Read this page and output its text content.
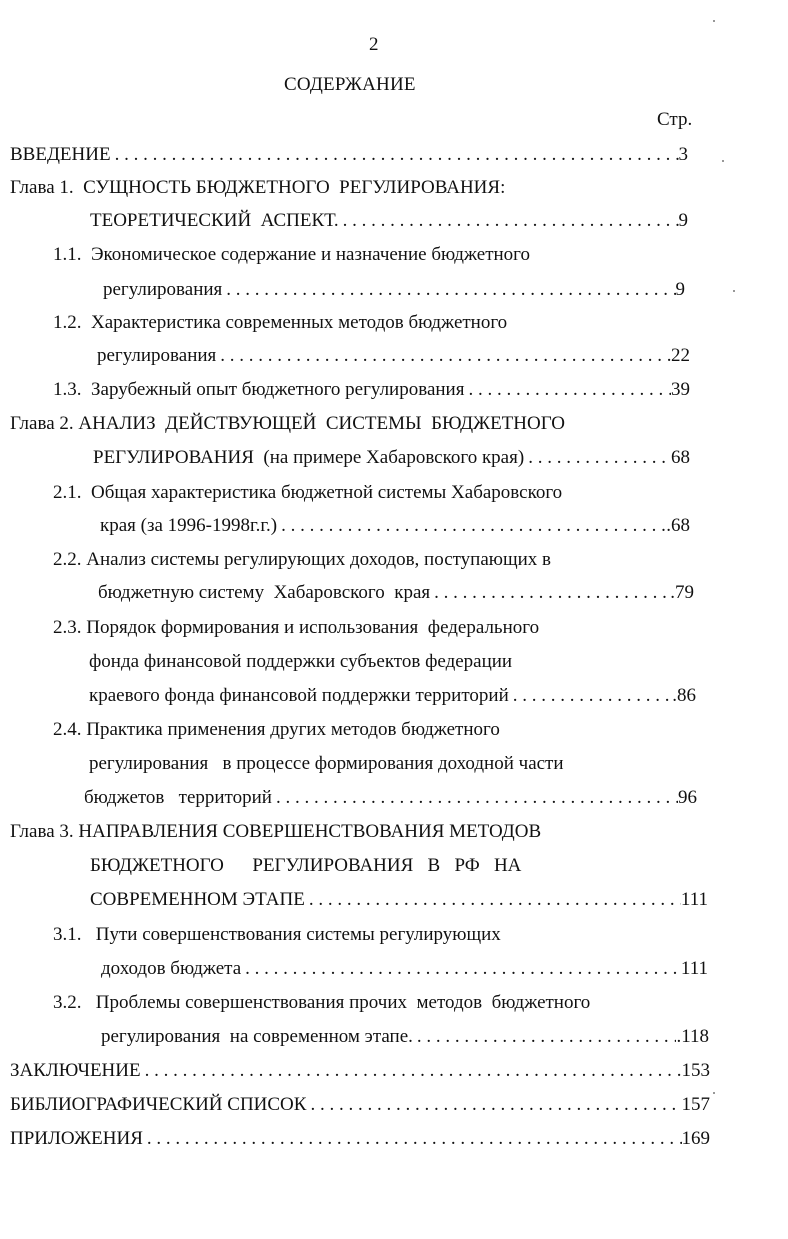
2
СОДЕРЖАНИЕ
Стр.
ВВЕДЕНИЕ . . .	3
Глава 1.  СУЩНОСТЬ БЮДЖЕТНОГО  РЕГУЛИРОВАНИЯ:
ТЕОРЕТИЧЕСКИЙ  АСПЕКТ. . . .	9
1.1.  Экономическое содержание и назначение бюджетного
регулирования . . .	9
1.2.  Характеристика современных методов бюджетного
регулирования . . .	22
1.3.  Зарубежный опыт бюджетного регулирования . . .	39
Глава 2. АНАЛИЗ  ДЕЙСТВУЮЩЕЙ  СИСТЕМЫ  БЮДЖЕТНОГО
РЕГУЛИРОВАНИЯ  (на примере Хабаровского края) . . .	68
2.1.  Общая характеристика бюджетной системы Хабаровского
края (за 1996-1998г.г.) . . .	.68
2.2. Анализ системы регулирующих доходов, поступающих в
бюджетную систему  Хабаровского  края . . .	.79
2.3. Порядок формирования и использования  федерального
фонда финансовой поддержки субъектов федерации
краевого фонда финансовой поддержки территорий . . .	.86
2.4. Практика применения других методов бюджетного
регулирования   в процессе формирования доходной части
бюджетов   территорий . . .	96
Глава 3. НАПРАВЛЕНИЯ СОВЕРШЕНСТВОВАНИЯ МЕТОДОВ
БЮДЖЕТНОГО      РЕГУЛИРОВАНИЯ   В   РФ   НА
СОВРЕМЕННОМ ЭТАПЕ . . .	111
3.1.   Пути совершенствования системы регулирующих
доходов бюджета . . .	111
3.2.   Проблемы совершенствования прочих  методов  бюджетного
регулирования  на современном этапе. . . .	.118
ЗАКЛЮЧЕНИЕ . . .	.153
БИБЛИОГРАФИЧЕСКИЙ СПИСОК . . .	157
ПРИЛОЖЕНИЯ . . .	169
